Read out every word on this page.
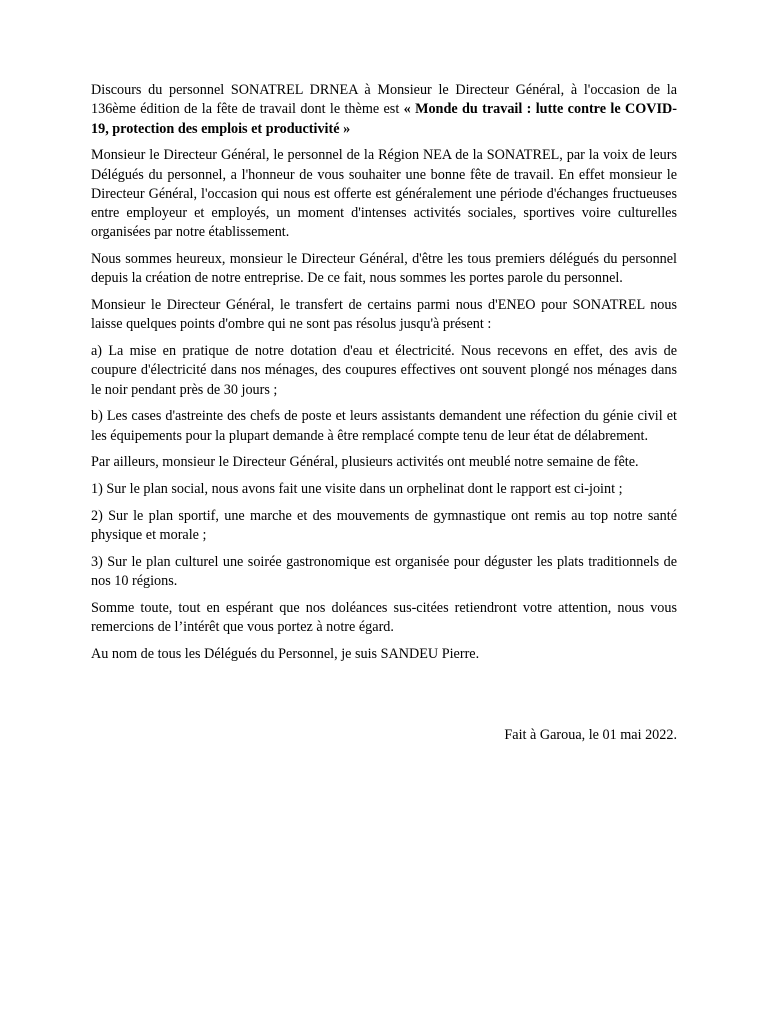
Discours du personnel SONATREL DRNEA à Monsieur le Directeur Général, à l'occasion de la 136ème édition de la fête de travail dont le thème est « Monde du travail : lutte contre le COVID-19, protection des emplois et productivité »

Monsieur le Directeur Général, le personnel de la Région NEA de la SONATREL, par la voix de leurs Délégués du personnel, a l'honneur de vous souhaiter une bonne fête de travail. En effet monsieur le Directeur Général, l'occasion qui nous est offerte est généralement une période d'échanges fructueuses entre employeur et employés, un moment d'intenses activités sociales, sportives voire culturelles organisées par notre établissement.

Nous sommes heureux, monsieur le Directeur Général, d'être les tous premiers délégués du personnel depuis la création de notre entreprise. De ce fait, nous sommes les portes parole du personnel.

Monsieur le Directeur Général, le transfert de certains parmi nous d'ENEO pour SONATREL nous laisse quelques points d'ombre qui ne sont pas résolus jusqu'à présent :

a) La mise en pratique de notre dotation d'eau et électricité. Nous recevons en effet, des avis de coupure d'électricité dans nos ménages, des coupures effectives ont souvent plongé nos ménages dans le noir pendant près de 30 jours ;

b) Les cases d'astreinte des chefs de poste et leurs assistants demandent une réfection du génie civil et les équipements pour la plupart demande à être remplacé compte tenu de leur état de délabrement.

Par ailleurs, monsieur le Directeur Général, plusieurs activités ont meublé notre semaine de fête.

1) Sur le plan social, nous avons fait une visite dans un orphelinat dont le rapport est ci-joint ;

2) Sur le plan sportif, une marche et des mouvements de gymnastique ont remis au top notre santé physique et morale ;

3) Sur le plan culturel une soirée gastronomique est organisée pour déguster les plats traditionnels de nos 10 régions.

Somme toute, tout en espérant que nos doléances sus-citées retiendront votre attention, nous vous remercions de l’intérêt que vous portez à notre égard.

Au nom de tous les Délégués du Personnel, je suis SANDEU Pierre.

Fait à Garoua, le 01 mai 2022.
